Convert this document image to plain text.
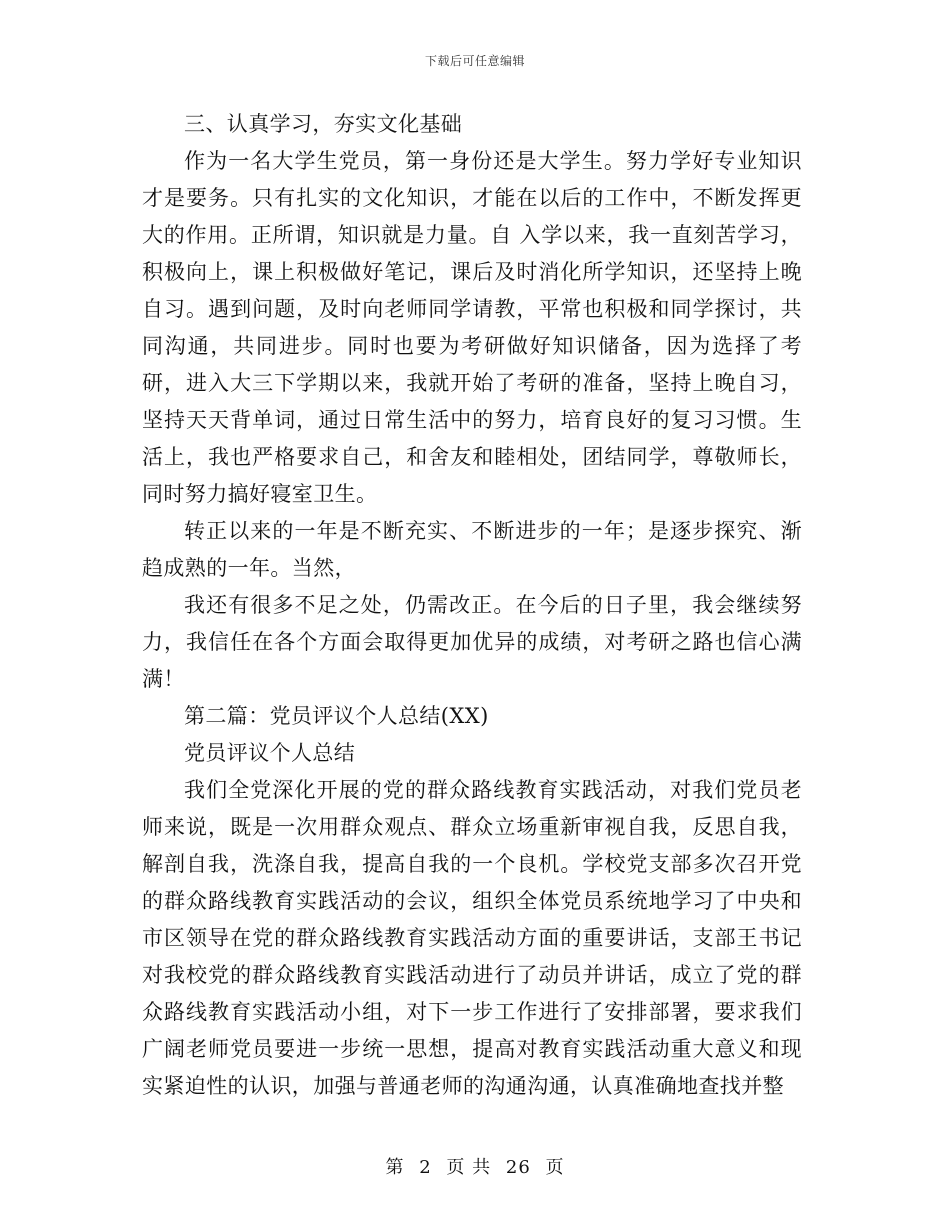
下载后可任意编辑

三、认真学习，夯实文化基础

作为一名大学生党员，第一身份还是大学生。努力学好专业知识才是要务。只有扎实的文化知识，才能在以后的工作中，不断发挥更大的作用。正所谓，知识就是力量。自 入学以来，我一直刻苦学习，积极向上，课上积极做好笔记，课后及时消化所学知识，还坚持上晚自习。遇到问题，及时向老师同学请教，平常也积极和同学探讨，共同沟通，共同进步。同时也要为考研做好知识储备，因为选择了考研，进入大三下学期以来，我就开始了考研的准备，坚持上晚自习，坚持天天背单词，通过日常生活中的努力，培育良好的复习习惯。生活上，我也严格要求自己，和舍友和睦相处，团结同学，尊敬师长，同时努力搞好寝室卫生。

转正以来的一年是不断充实、不断进步的一年；是逐步探究、渐趋成熟的一年。当然，

我还有很多不足之处，仍需改正。在今后的日子里，我会继续努力，我信任在各个方面会取得更加优异的成绩，对考研之路也信心满满！

第二篇：党员评议个人总结(XX)

党员评议个人总结

我们全党深化开展的党的群众路线教育实践活动，对我们党员老师来说，既是一次用群众观点、群众立场重新审视自我，反思自我，解剖自我，洗涤自我，提高自我的一个良机。学校党支部多次召开党的群众路线教育实践活动的会议，组织全体党员系统地学习了中央和市区领导在党的群众路线教育实践活动方面的重要讲话，支部王书记对我校党的群众路线教育实践活动进行了动员并讲话，成立了党的群众路线教育实践活动小组，对下一步工作进行了安排部署，要求我们广阔老师党员要进一步统一思想，提高对教育实践活动重大意义和现实紧迫性的认识，加强与普通老师的沟通沟通，认真准确地查找并整

第 2 页 共 26 页
